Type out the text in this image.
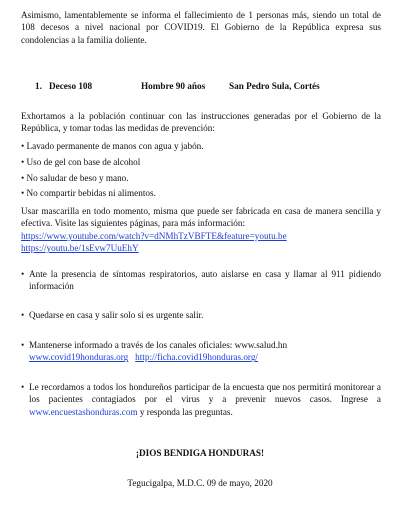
Asimismo, lamentablemente se informa el fallecimiento de 1 personas más, siendo un total de 108 decesos a nivel nacional por COVID19. El Gobierno de la República expresa sus condolencias a la familia doliente.
1. Deceso 108	Hombre 90 años	San Pedro Sula, Cortés
Exhortamos a la población continuar con las instrucciones generadas por el Gobierno de la República, y tomar todas las medidas de prevención:
• Lavado permanente de manos con agua y jabón.
• Uso de gel con base de alcohol
• No saludar de beso y mano.
• No compartir bebidas ni alimentos.
Usar mascarilla en todo momento, misma que puede ser fabricada en casa de manera sencilla y efectiva. Visite las siguientes páginas, para más información:
https://www.youtube.com/watch?v=dNMhTzVBFTE&feature=youtu.be
https://youtu.be/1sEvw7UuEhY
• Ante la presencia de síntomas respiratorios, auto aislarse en casa y llamar al 911 pidiendo información
• Quedarse en casa y salir solo si es urgente salir.
• Mantenerse informado a través de los canales oficiales: www.salud.hn
www.covid19honduras.org http://ficha.covid19honduras.org/
• Le recordamos a todos los hondureños participar de la encuesta que nos permitirá monitorear a los pacientes contagiados por el virus y a prevenir nuevos casos. Ingrese a www.encuestashonduras.com y responda las preguntas.
¡DIOS BENDIGA HONDURAS!
Tegucigalpa, M.D.C. 09 de mayo, 2020
